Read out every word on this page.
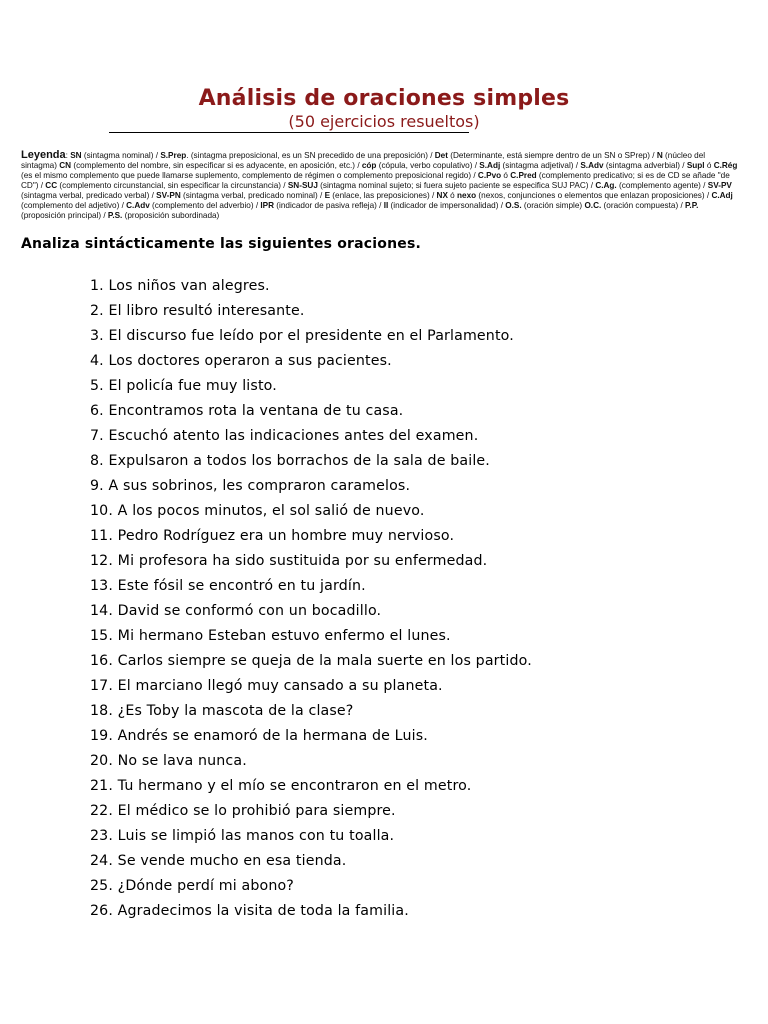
Análisis de oraciones simples
(50 ejercicios resueltos)
Leyenda: SN (sintagma nominal) / S.Prep. (sintagma preposicional, es un SN precedido de una preposición) / Det (Determinante, está siempre dentro de un SN o SPrep) / N (núcleo del sintagma) CN (complemento del nombre, sin especificar si es adyacente, en aposición, etc.) / cóp (cópula, verbo copulativo) / S.Adj (sintagma adjetival) / S.Adv (sintagma adverbial) / Supl ó C.Rég (es el mismo complemento que puede llamarse suplemento, complemento de régimen o complemento preposicional regido) / C.Pvo ó C.Pred (complemento predicativo; si es de CD se añade "de CD") / CC (complemento circunstancial, sin especificar la circunstancia) / SN-SUJ (sintagma nominal sujeto; si fuera sujeto paciente se especifica SUJ PAC) / C.Ag. (complemento agente) / SV-PV (sintagma verbal, predicado verbal) / SV-PN (sintagma verbal, predicado nominal) / E (enlace, las preposiciones) / NX ó nexo (nexos, conjunciones o elementos que enlazan proposiciones) / C.Adj (complemento del adjetivo) / C.Adv (complemento del adverbio) / IPR (indicador de pasiva refleja) / II (indicador de impersonalidad) / O.S. (oración simple) O.C. (oración compuesta) / P.P. (proposición principal) / P.S. (proposición subordinada)
Analiza sintácticamente las siguientes oraciones.
1. Los niños van alegres.
2. El libro resultó interesante.
3. El discurso fue leído por el presidente en el Parlamento.
4. Los doctores operaron a sus pacientes.
5. El policía fue muy listo.
6. Encontramos rota la ventana de tu casa.
7. Escuchó atento las indicaciones antes del examen.
8. Expulsaron a todos los borrachos de la sala de baile.
9. A sus sobrinos, les compraron caramelos.
10. A los pocos minutos, el sol salió de nuevo.
11. Pedro Rodríguez era un hombre muy nervioso.
12. Mi profesora ha sido sustituida por su enfermedad.
13. Este fósil se encontró en tu jardín.
14. David se conformó con un bocadillo.
15. Mi hermano Esteban estuvo enfermo el lunes.
16. Carlos siempre se queja de la mala suerte en los partido.
17. El marciano llegó muy cansado a su planeta.
18. ¿Es Toby la mascota de la clase?
19. Andrés se enamoró de la hermana de Luis.
20. No se lava nunca.
21. Tu hermano y el mío se encontraron en el metro.
22. El médico se lo prohibió para siempre.
23. Luis se limpió las manos con tu toalla.
24. Se vende mucho en esa tienda.
25. ¿Dónde perdí mi abono?
26. Agradecimos la visita de toda la familia.
